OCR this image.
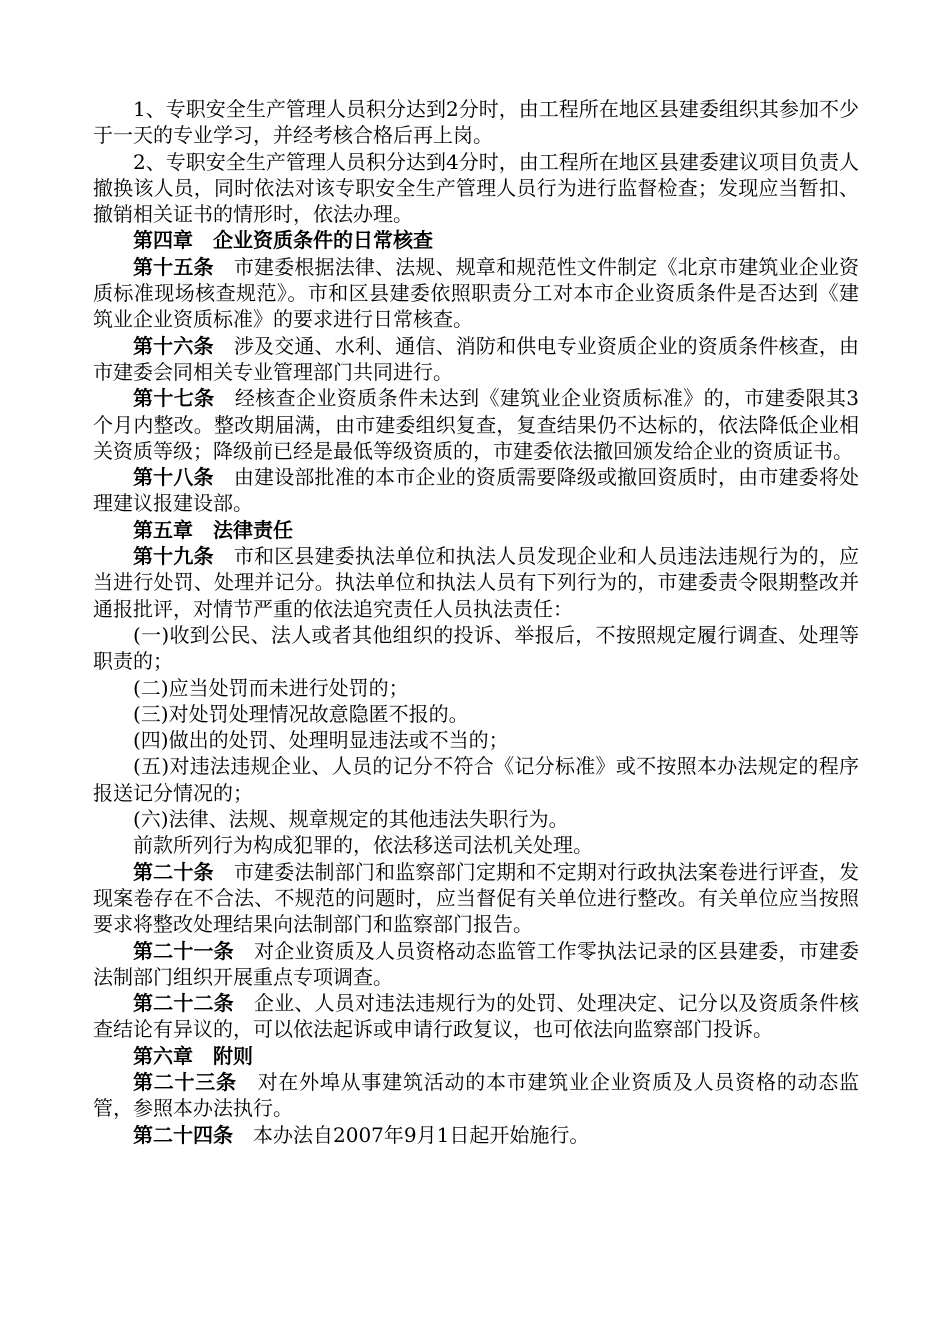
1、专职安全生产管理人员积分达到2分时，由工程所在地区县建委组织其参加不少于一天的专业学习，并经考核合格后再上岗。

2、专职安全生产管理人员积分达到4分时，由工程所在地区县建委建议项目负责人撤换该人员，同时依法对该专职安全生产管理人员行为进行监督检查；发现应当暂扣、撤销相关证书的情形时，依法办理。

第四章　企业资质条件的日常核查

第十五条 市建委根据法律、法规、规章和规范性文件制定《北京市建筑业企业资质标准现场核查规范》。市和区县建委依照职责分工对本市企业资质条件是否达到《建筑业企业资质标准》的要求进行日常核查。

第十六条 涉及交通、水利、通信、消防和供电专业资质企业的资质条件核查，由市建委会同相关专业管理部门共同进行。

第十七条 经核查企业资质条件未达到《建筑业企业资质标准》的，市建委限其3个月内整改。整改期届满，由市建委组织复查，复查结果仍不达标的，依法降低企业相关资质等级；降级前已经是最低等级资质的，市建委依法撤回颁发给企业的资质证书。

第十八条 由建设部批准的本市企业的资质需要降级或撤回资质时，由市建委将处理建议报建设部。

第五章　法律责任

第十九条 市和区县建委执法单位和执法人员发现企业和人员违法违规行为的，应当进行处罚、处理并记分。执法单位和执法人员有下列行为的，市建委责令限期整改并通报批评，对情节严重的依法追究责任人员执法责任：

(一)收到公民、法人或者其他组织的投诉、举报后，不按照规定履行调查、处理等职责的；

(二)应当处罚而未进行处罚的；

(三)对处罚处理情况故意隐匿不报的。

(四)做出的处罚、处理明显违法或不当的；

(五)对违法违规企业、人员的记分不符合《记分标准》或不按照本办法规定的程序报送记分情况的；

(六)法律、法规、规章规定的其他违法失职行为。

前款所列行为构成犯罪的，依法移送司法机关处理。

第二十条 市建委法制部门和监察部门定期和不定期对行政执法案卷进行评查，发现案卷存在不合法、不规范的问题时，应当督促有关单位进行整改。有关单位应当按照要求将整改处理结果向法制部门和监察部门报告。

第二十一条 对企业资质及人员资格动态监管工作零执法记录的区县建委，市建委法制部门组织开展重点专项调查。

第二十二条 企业、人员对违法违规行为的处罚、处理决定、记分以及资质条件核查结论有异议的，可以依法起诉或申请行政复议，也可依法向监察部门投诉。

第六章　附则

第二十三条 对在外埠从事建筑活动的本市建筑业企业资质及人员资格的动态监管，参照本办法执行。

第二十四条 本办法自2007年9月1日起开始施行。
